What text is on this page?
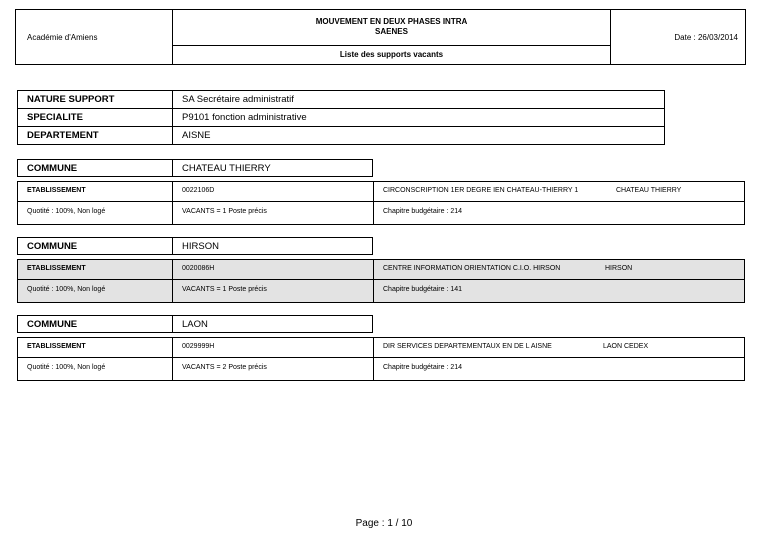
Académie d'Amiens
MOUVEMENT EN DEUX PHASES INTRA
SAENES
Liste des supports vacants
Date : 26/03/2014
NATURE SUPPORT	SA Secrétaire administratif
SPECIALITE	P9101 fonction administrative
DEPARTEMENT	AISNE
COMMUNE	CHATEAU THIERRY
ETABLISSEMENT	0022106D	CIRCONSCRIPTION 1ER DEGRE IEN CHATEAU-THIERRY 1	CHATEAU THIERRY
Quotité : 100%, Non logé	VACANTS = 1 Poste précis	Chapitre budgétaire : 214
COMMUNE	HIRSON
ETABLISSEMENT	0020086H	CENTRE INFORMATION ORIENTATION C.I.O. HIRSON	HIRSON
Quotité : 100%, Non logé	VACANTS = 1 Poste précis	Chapitre budgétaire : 141
COMMUNE	LAON
ETABLISSEMENT	0029999H	DIR SERVICES DEPARTEMENTAUX EN DE L AISNE	LAON CEDEX
Quotité : 100%, Non logé	VACANTS = 2 Poste précis	Chapitre budgétaire : 214
Page : 1 / 10
